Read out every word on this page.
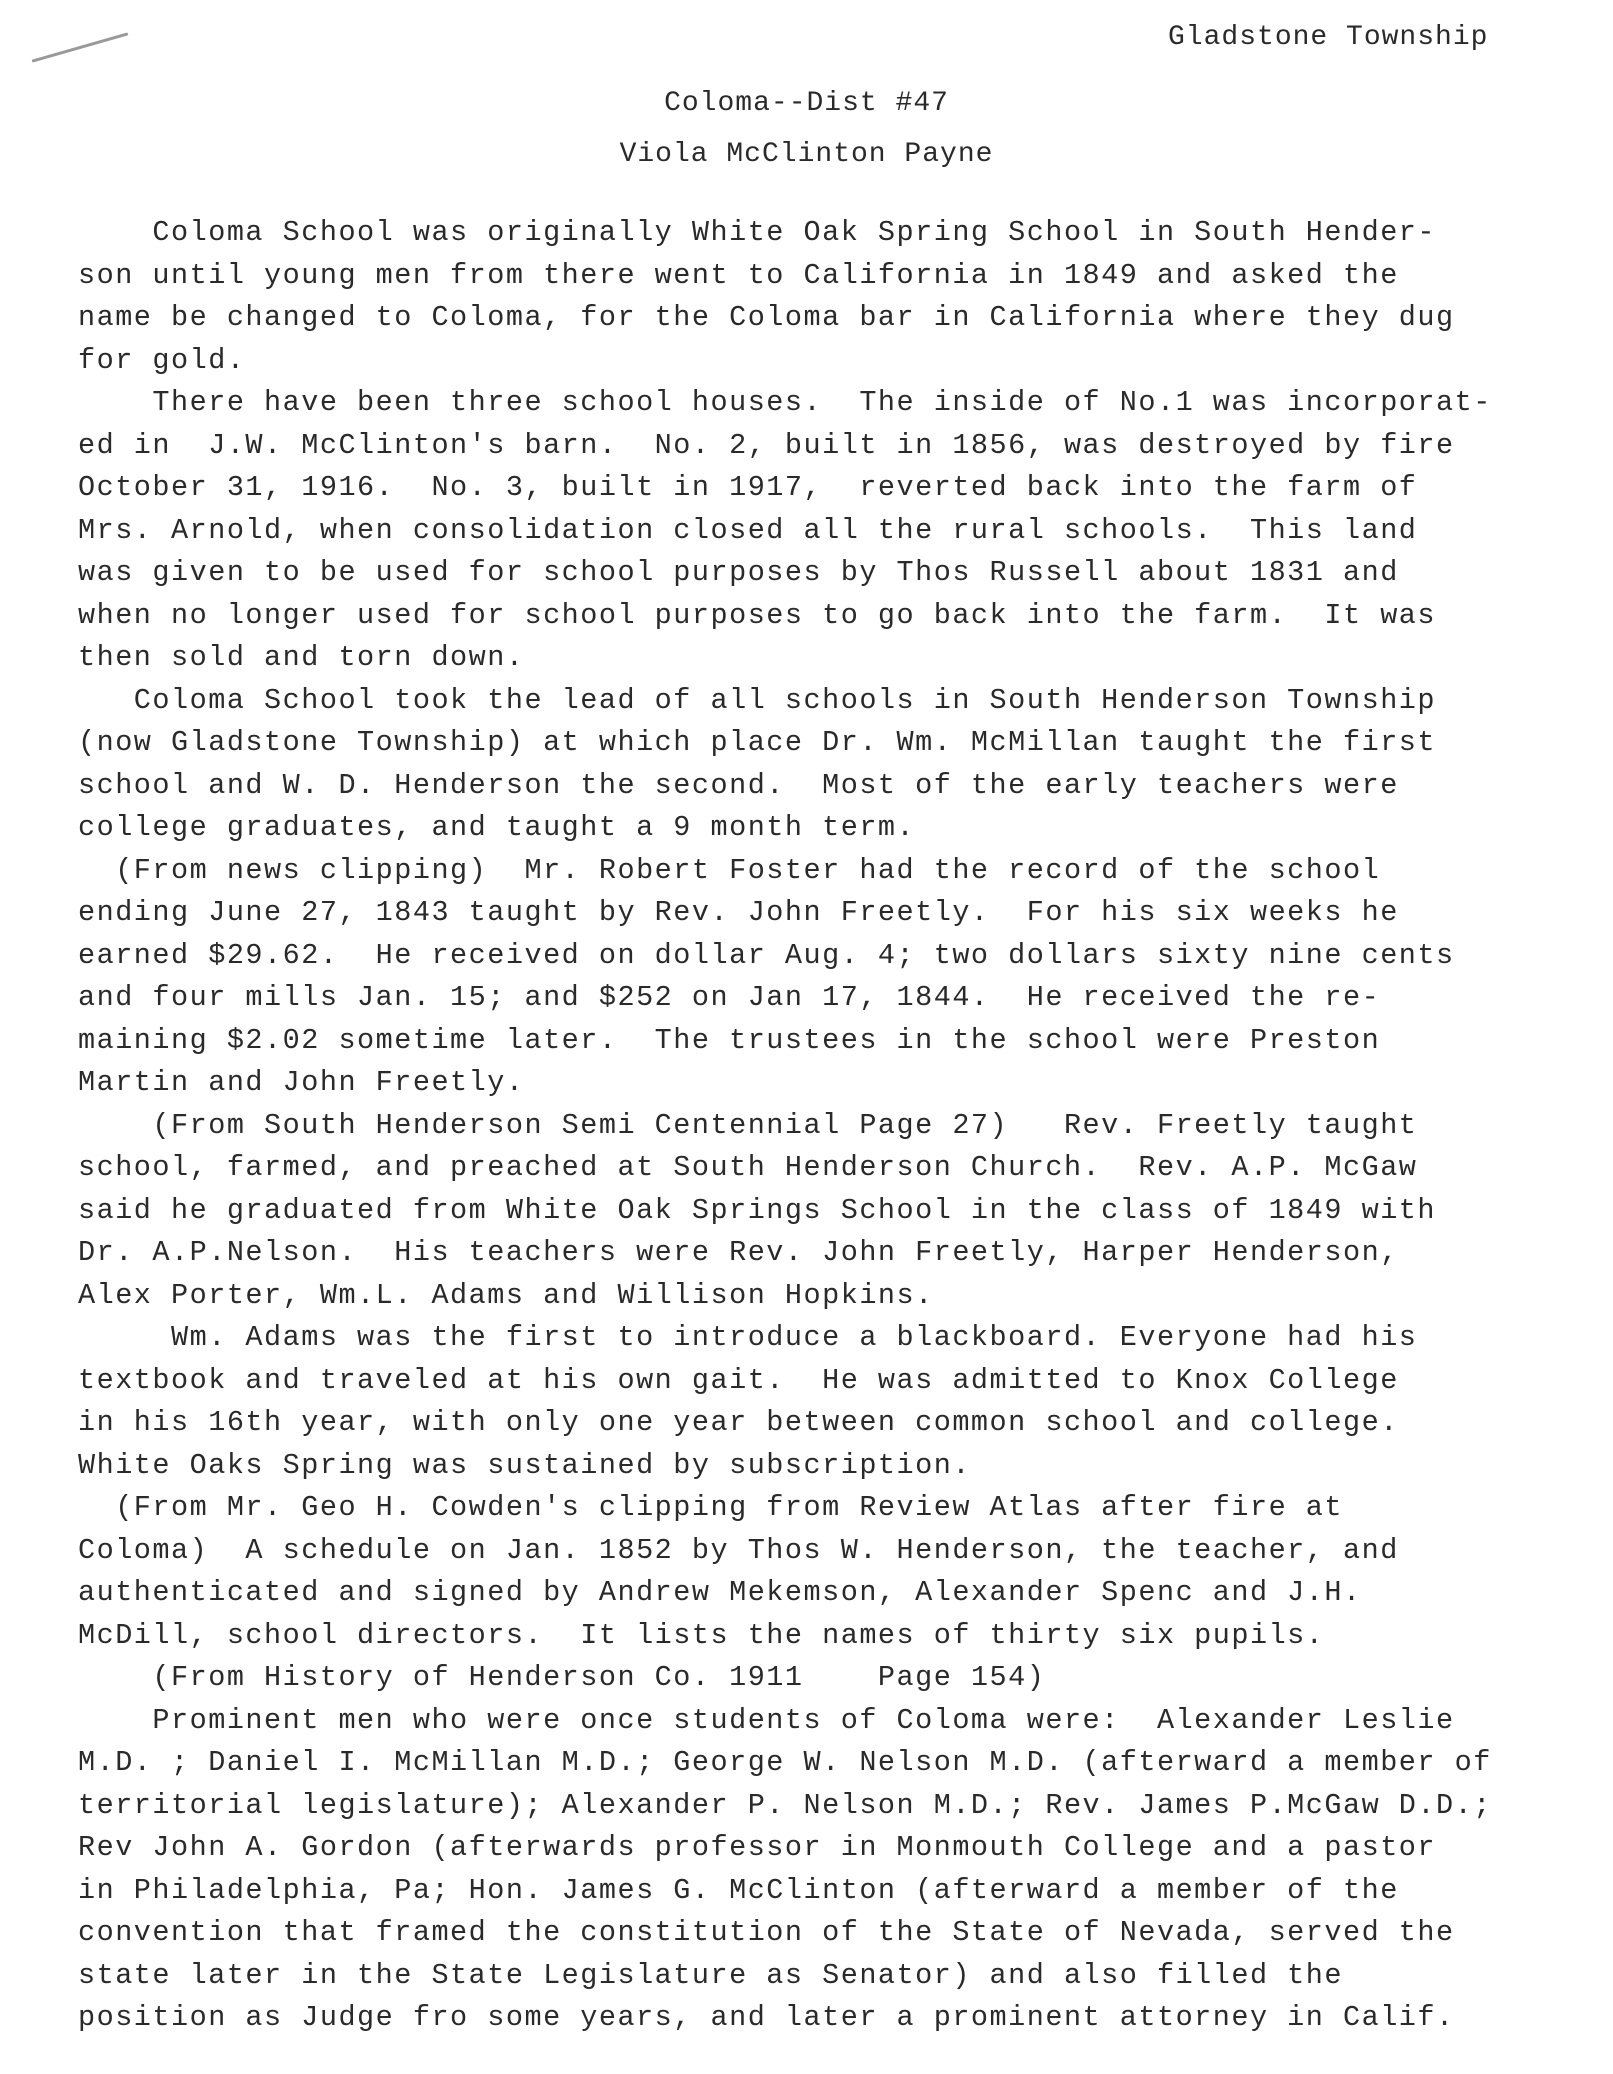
Gladstone Township
Coloma--Dist #47
Viola McClinton Payne
Coloma School was originally White Oak Spring School in South Hender-
son until young men from there went to California in 1849 and asked the
name be changed to Coloma, for the Coloma bar in California where they dug
for gold.
There have been three school houses.  The inside of No.1 was incorporat-
ed in  J.W. McClinton's barn.  No. 2, built in 1856, was destroyed by fire
October 31, 1916.  No. 3, built in 1917,  reverted back into the farm of
Mrs. Arnold, when consolidation closed all the rural schools.  This land
was given to be used for school purposes by Thos Russell about 1831 and
when no longer used for school purposes to go back into the farm.  It was
then sold and torn down.
Coloma School took the lead of all schools in South Henderson Township
(now Gladstone Township) at which place Dr. Wm. McMillan taught the first
school and W. D. Henderson the second.  Most of the early teachers were
college graduates, and taught a 9 month term.
(From news clipping)  Mr. Robert Foster had the record of the school
ending June 27, 1843 taught by Rev. John Freetly.  For his six weeks he
earned $29.62.  He received on dollar Aug. 4; two dollars sixty nine cents
and four mills Jan. 15; and $252 on Jan 17, 1844.  He received the re-
maining $2.02 sometime later.  The trustees in the school were Preston
Martin and John Freetly.
(From South Henderson Semi Centennial Page 27)   Rev. Freetly taught
school, farmed, and preached at South Henderson Church.  Rev. A.P. McGaw
said he graduated from White Oak Springs School in the class of 1849 with
Dr. A.P.Nelson.  His teachers were Rev. John Freetly, Harper Henderson,
Alex Porter, Wm.L. Adams and Willison Hopkins.
Wm. Adams was the first to introduce a blackboard. Everyone had his
textbook and traveled at his own gait.  He was admitted to Knox College
in his 16th year, with only one year between common school and college.
White Oaks Spring was sustained by subscription.
(From Mr. Geo H. Cowden's clipping from Review Atlas after fire at
Coloma)  A schedule on Jan. 1852 by Thos W. Henderson, the teacher, and
authenticated and signed by Andrew Mekemson, Alexander Spenc and J.H.
McDill, school directors.  It lists the names of thirty six pupils.
(From History of Henderson Co. 1911    Page 154)
Prominent men who were once students of Coloma were:  Alexander Leslie
M.D. ; Daniel I. McMillan M.D.; George W. Nelson M.D. (afterward a member of
territorial legislature); Alexander P. Nelson M.D.; Rev. James P.McGaw D.D.;
Rev John A. Gordon (afterwards professor in Monmouth College and a pastor
in Philadelphia, Pa; Hon. James G. McClinton (afterward a member of the
convention that framed the constitution of the State of Nevada, served the
state later in the State Legislature as Senator) and also filled the
position as Judge fro some years, and later a prominent attorney in Calif.
